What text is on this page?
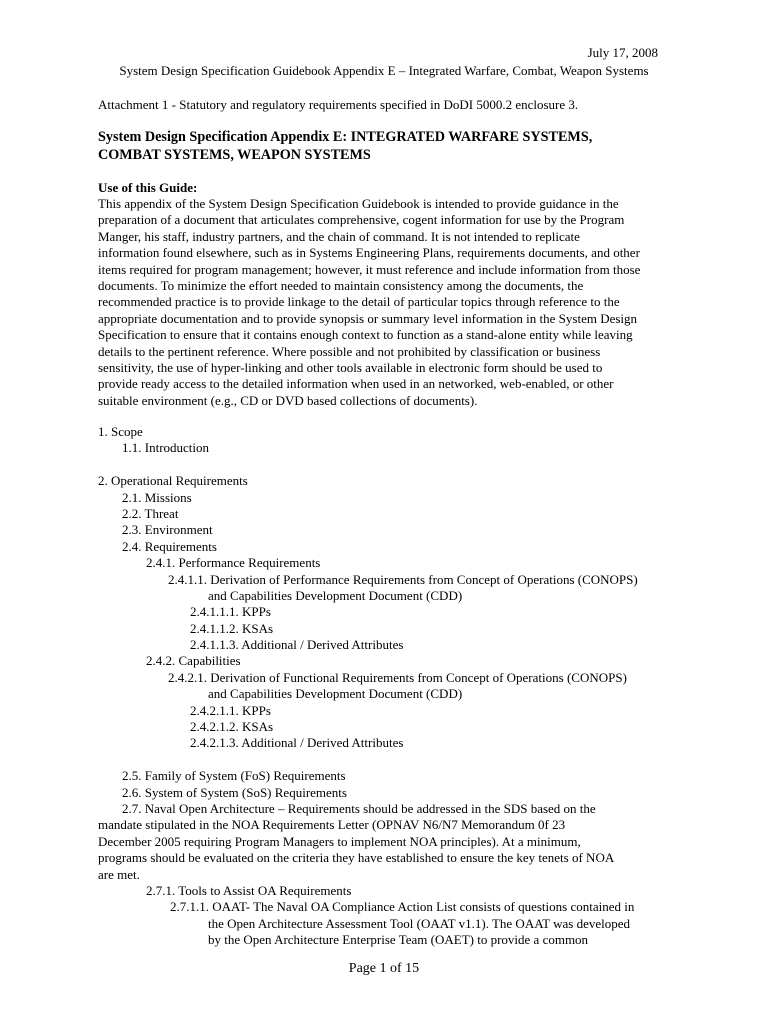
July 17, 2008
System Design Specification Guidebook Appendix E – Integrated Warfare, Combat, Weapon Systems
Attachment 1 - Statutory and regulatory requirements specified in DoDI 5000.2 enclosure 3.
System Design Specification Appendix E: INTEGRATED WARFARE SYSTEMS,
COMBAT SYSTEMS, WEAPON SYSTEMS
Use of this Guide:
This appendix of the System Design Specification Guidebook is intended to provide guidance in the
preparation of a document that articulates comprehensive, cogent information for use by the Program
Manger, his staff, industry partners, and the chain of command. It is not intended to replicate
information found elsewhere, such as in Systems Engineering Plans, requirements documents, and other
items required for program management; however, it must reference and include information from those
documents. To minimize the effort needed to maintain consistency among the documents, the
recommended practice is to provide linkage to the detail of particular topics through reference to the
appropriate documentation and to provide synopsis or summary level information in the System Design
Specification to ensure that it contains enough context to function as a stand-alone entity while leaving
details to the pertinent reference. Where possible and not prohibited by classification or business
sensitivity, the use of hyper-linking and other tools available in electronic form should be used to
provide ready access to the detailed information when used in an networked, web-enabled, or other
suitable environment (e.g., CD or DVD based collections of documents).
1. Scope
1.1. Introduction
2. Operational Requirements
2.1. Missions
2.2. Threat
2.3. Environment
2.4. Requirements
2.4.1. Performance Requirements
2.4.1.1. Derivation of Performance Requirements from Concept of Operations (CONOPS)
and Capabilities Development Document (CDD)
2.4.1.1.1. KPPs
2.4.1.1.2. KSAs
2.4.1.1.3. Additional / Derived Attributes
2.4.2. Capabilities
2.4.2.1. Derivation of Functional Requirements from Concept of Operations (CONOPS)
and Capabilities Development Document (CDD)
2.4.2.1.1. KPPs
2.4.2.1.2. KSAs
2.4.2.1.3. Additional / Derived Attributes
2.5. Family of System (FoS) Requirements
2.6. System of System (SoS) Requirements
2.7. Naval Open Architecture – Requirements should be addressed in the SDS based on the
mandate stipulated in the NOA Requirements Letter (OPNAV N6/N7 Memorandum 0f 23
December 2005 requiring Program Managers to implement NOA principles). At a minimum,
programs should be evaluated on the criteria they have established to ensure the key tenets of NOA
are met.
2.7.1. Tools to Assist OA Requirements
2.7.1.1. OAAT- The Naval OA Compliance Action List consists of questions contained in
the Open Architecture Assessment Tool (OAAT v1.1). The OAAT was developed
by the Open Architecture Enterprise Team (OAET) to provide a common
Page 1 of 15
